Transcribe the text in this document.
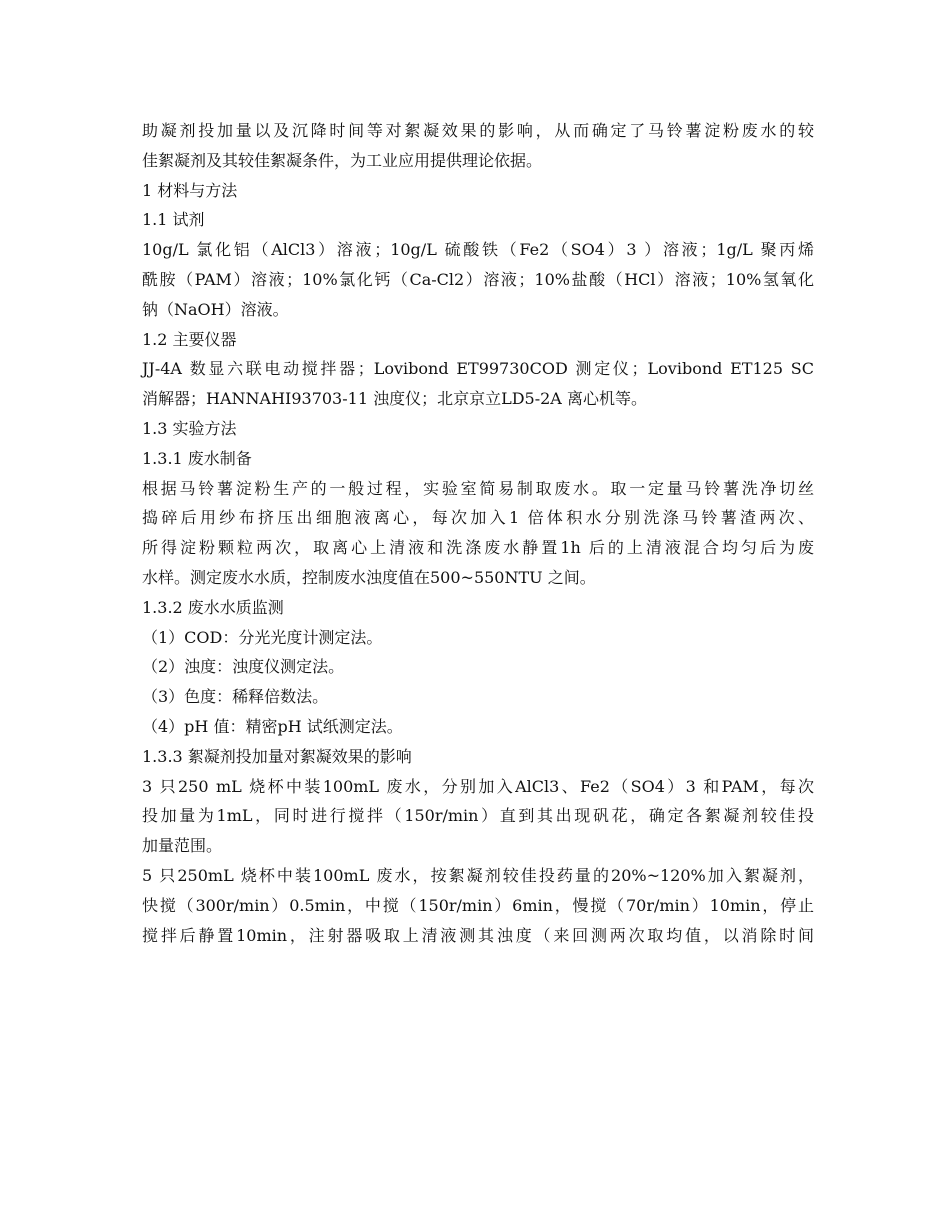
助凝剂投加量以及沉降时间等对絮凝效果的影响，从而确定了马铃薯淀粉废水的较
佳絮凝剂及其较佳絮凝条件，为工业应用提供理论依据。
1 材料与方法
1.1 试剂
10g/L 氯化铝（AlCl3）溶液；10g/L 硫酸铁（Fe2（SO4）3 ）溶液；1g/L 聚丙烯
酰胺（PAM）溶液；10%氯化钙（Ca-Cl2）溶液；10%盐酸（HCl）溶液；10%氢氧化
钠（NaOH）溶液。
1.2 主要仪器
JJ-4A 数显六联电动搅拌器；Lovibond ET99730COD 测定仪；Lovibond ET125 SC
消解器；HANNAHI93703-11 浊度仪；北京京立LD5-2A 离心机等。
1.3 实验方法
1.3.1 废水制备
根据马铃薯淀粉生产的一般过程，实验室简易制取废水。取一定量马铃薯洗净切丝
捣碎后用纱布挤压出细胞液离心，每次加入1 倍体积水分别洗涤马铃薯渣两次、
所得淀粉颗粒两次，取离心上清液和洗涤废水静置1h 后的上清液混合均匀后为废
水样。测定废水水质，控制废水浊度值在500~550NTU 之间。
1.3.2 废水水质监测
（1）COD：分光光度计测定法。
（2）浊度：浊度仪测定法。
（3）色度：稀释倍数法。
（4）pH 值：精密pH 试纸测定法。
1.3.3 絮凝剂投加量对絮凝效果的影响
3 只250 mL 烧杯中装100mL 废水，分别加入AlCl3、Fe2（SO4）3 和PAM，每次
投加量为1mL，同时进行搅拌（150r/min）直到其出现矾花，确定各絮凝剂较佳投
加量范围。
5 只250mL 烧杯中装100mL 废水，按絮凝剂较佳投药量的20%~120%加入絮凝剂，
快搅（300r/min）0.5min，中搅（150r/min）6min，慢搅（70r/min）10min，停止
搅拌后静置10min，注射器吸取上清液测其浊度（来回测两次取均值，以消除时间
